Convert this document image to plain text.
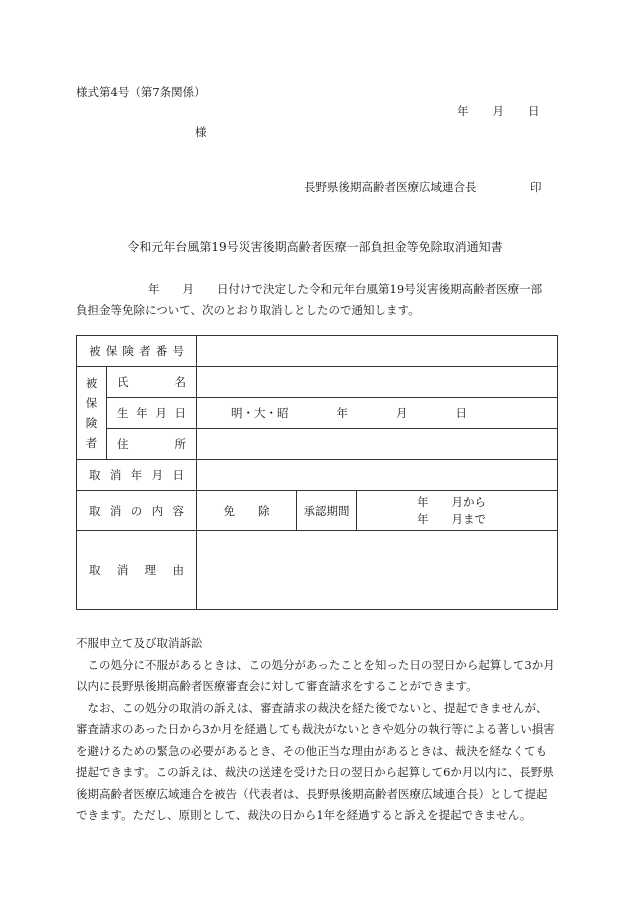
様式第4号（第7条関係）
年 月 日
様
長野県後期高齢者医療広域連合長	印
令和元年台風第19号災害後期高齢者医療一部負担金等免除取消通知書
年　　月　　日付けで決定した令和元年台風第19号災害後期高齢者医療一部
負担金等免除について、次のとおり取消しとしたので通知します。
被保険者番号				

被
保
険
者	氏名			
	生年月日	明・大・昭 年 月 日		
	住所			
取消年月日				
取消の内容		免　　除	承認期間	年　　月から
年　　月まで

取消理由				

不服申立て及び取消訴訟

この処分に不服があるときは、この処分があったことを知った日の翌日から起算して3か月以内に長野県後期高齢者医療審査会に対して審査請求をすることができます。

なお、この処分の取消の訴えは、審査請求の裁決を経た後でないと、提起できませんが、審査請求のあった日から3か月を経過しても裁決がないときや処分の執行等による著しい損害を避けるための緊急の必要があるとき、その他正当な理由があるときは、裁決を経なくても提起できます。この訴えは、裁決の送達を受けた日の翌日から起算して6か月以内に、長野県後期高齢者医療広域連合を被告（代表者は、長野県後期高齢者医療広域連合長）として提起できます。ただし、原則として、裁決の日から1年を経過すると訴えを提起できません。
